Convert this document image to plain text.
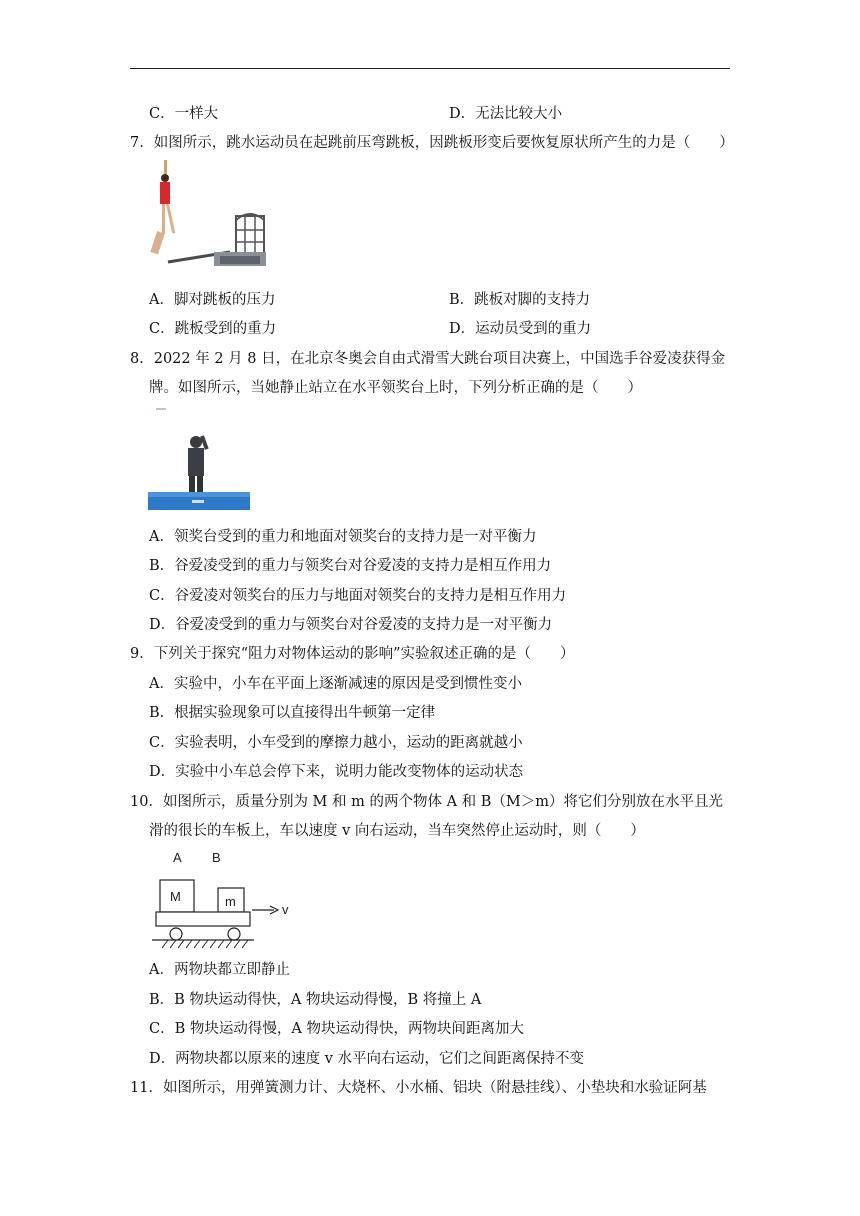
C．一样大	D．无法比较大小
7．如图所示，跳水运动员在起跳前压弯跳板，因跳板形变后要恢复原状所产生的力是（　　）
A．脚对跳板的压力	B．跳板对脚的支持力
C．跳板受到的重力	D．运动员受到的重力
8．2022 年 2 月 8 日，在北京冬奥会自由式滑雪大跳台项目决赛上，中国选手谷爱凌获得金
牌。如图所示，当她静止站立在水平领奖台上时，下列分析正确的是（　　）
A．领奖台受到的重力和地面对领奖台的支持力是一对平衡力
B．谷爱凌受到的重力与领奖台对谷爱凌的支持力是相互作用力
C．谷爱凌对领奖台的压力与地面对领奖台的支持力是相互作用力
D．谷爱凌受到的重力与领奖台对谷爱凌的支持力是一对平衡力
9．下列关于探究“阻力对物体运动的影响”实验叙述正确的是（　　）
A．实验中，小车在平面上逐渐减速的原因是受到惯性变小
B．根据实验现象可以直接得出牛顿第一定律
C．实验表明，小车受到的摩擦力越小，运动的距离就越小
D．实验中小车总会停下来，说明力能改变物体的运动状态
10．如图所示，质量分别为 M 和 m 的两个物体 A 和 B（M＞m）将它们分别放在水平且光
滑的很长的车板上，车以速度 v 向右运动，当车突然停止运动时，则（　　）
A B
M	m
v
A．两物块都立即静止
B．B 物块运动得快，A 物块运动得慢，B 将撞上 A
C．B 物块运动得慢，A 物块运动得快，两物块间距离加大
D．两物块都以原来的速度 v 水平向右运动，它们之间距离保持不变
11．如图所示，用弹簧测力计、大烧杯、小水桶、铝块（附悬挂线）、小垫块和水验证阿基
